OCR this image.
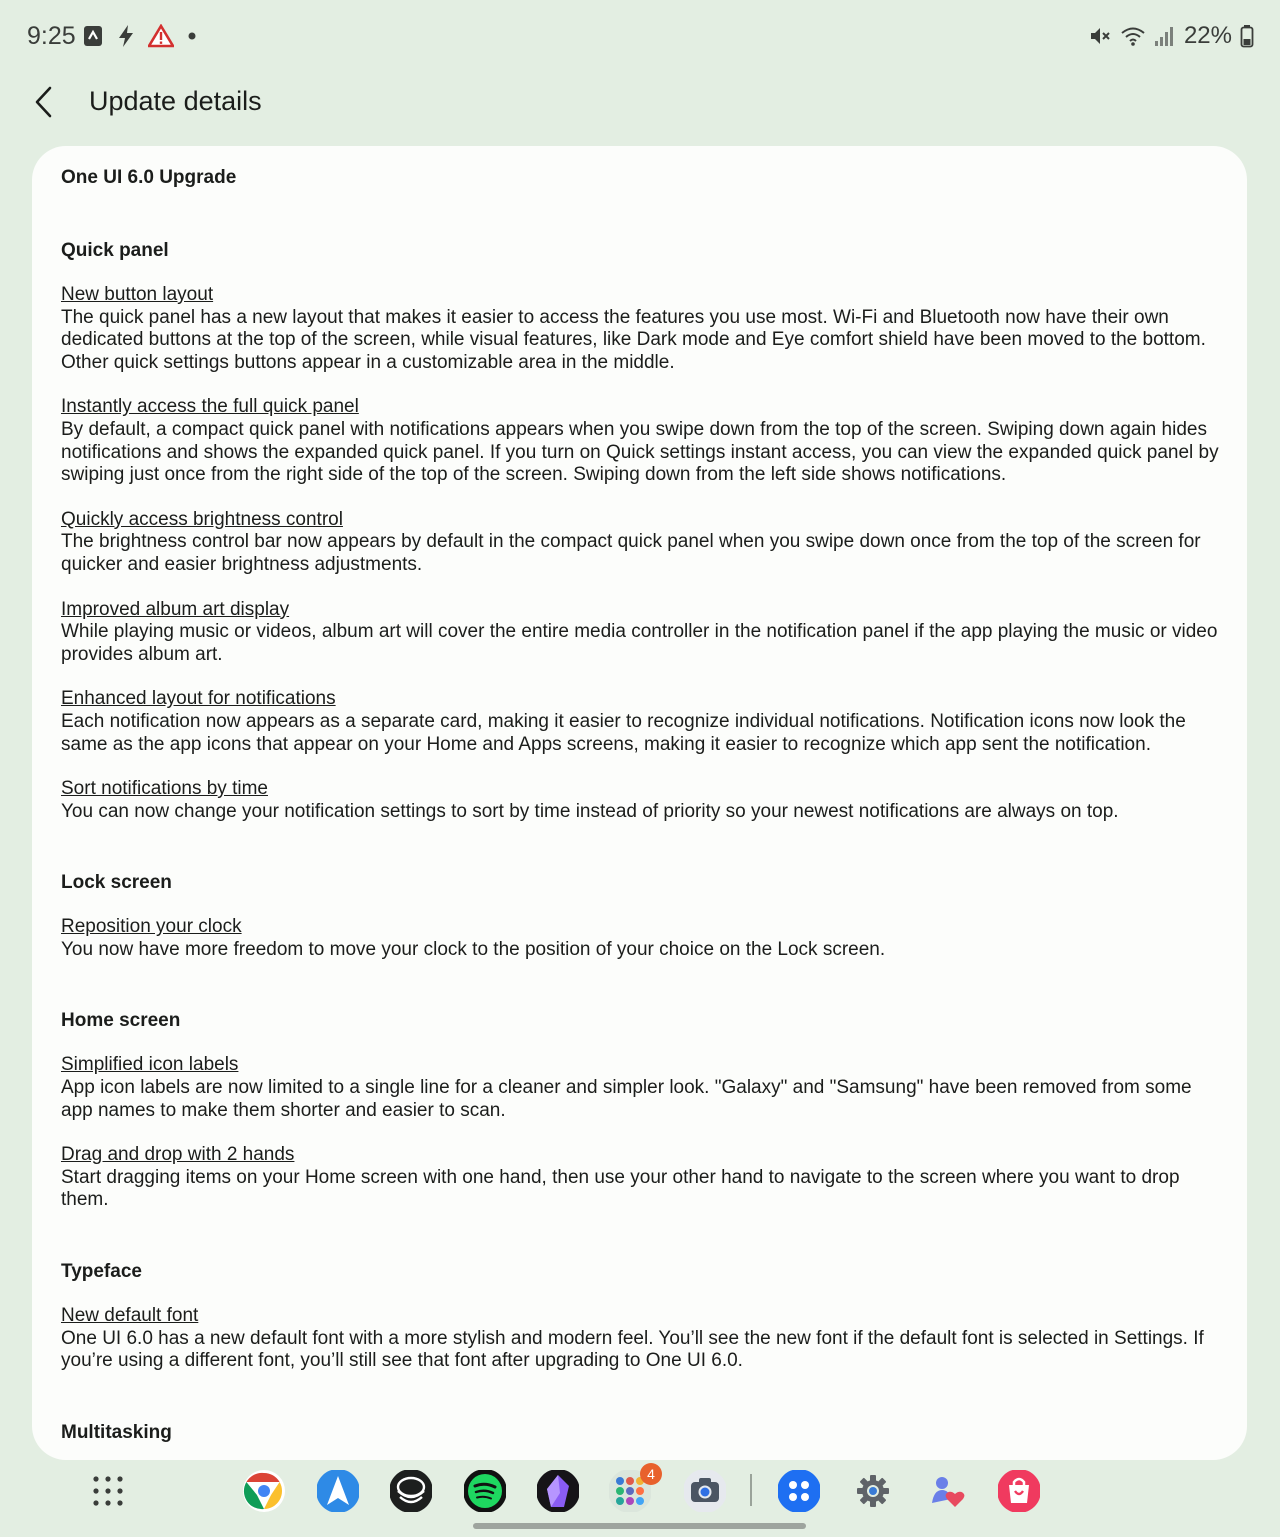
9:25	22%
Update details
One UI 6.0 Upgrade
Quick panel
New button layout
The quick panel has a new layout that makes it easier to access the features you use most. Wi-Fi and Bluetooth now have their own dedicated buttons at the top of the screen, while visual features, like Dark mode and Eye comfort shield have been moved to the bottom. Other quick settings buttons appear in a customizable area in the middle.
Instantly access the full quick panel
By default, a compact quick panel with notifications appears when you swipe down from the top of the screen. Swiping down again hides notifications and shows the expanded quick panel. If you turn on Quick settings instant access, you can view the expanded quick panel by swiping just once from the right side of the top of the screen. Swiping down from the left side shows notifications.
Quickly access brightness control
The brightness control bar now appears by default in the compact quick panel when you swipe down once from the top of the screen for quicker and easier brightness adjustments.
Improved album art display
While playing music or videos, album art will cover the entire media controller in the notification panel if the app playing the music or video provides album art.
Enhanced layout for notifications
Each notification now appears as a separate card, making it easier to recognize individual notifications. Notification icons now look the same as the app icons that appear on your Home and Apps screens, making it easier to recognize which app sent the notification.
Sort notifications by time
You can now change your notification settings to sort by time instead of priority so your newest notifications are always on top.
Lock screen
Reposition your clock
You now have more freedom to move your clock to the position of your choice on the Lock screen.
Home screen
Simplified icon labels
App icon labels are now limited to a single line for a cleaner and simpler look. "Galaxy" and "Samsung" have been removed from some app names to make them shorter and easier to scan.
Drag and drop with 2 hands
Start dragging items on your Home screen with one hand, then use your other hand to navigate to the screen where you want to drop them.
Typeface
New default font
One UI 6.0 has a new default font with a more stylish and modern feel. You’ll see the new font if the default font is selected in Settings. If you’re using a different font, you’ll still see that font after upgrading to One UI 6.0.
Multitasking
4
